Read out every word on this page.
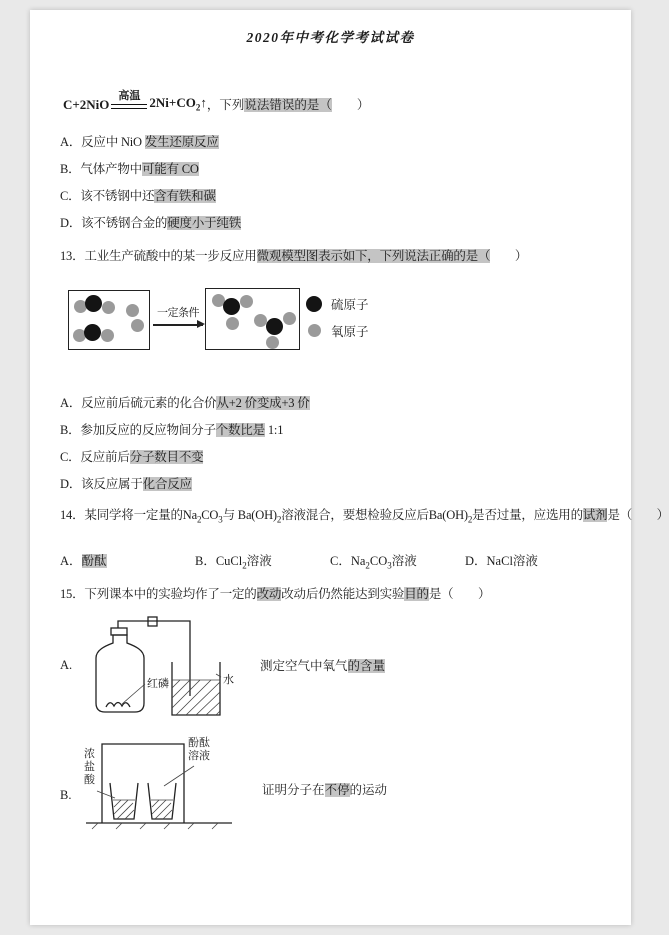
2020年中考化学考试试卷
C+2NiO
高温 $2Ni+CO_2↑$ ，下列说法错误的是（　　）
A．反应中 NiO 发生还原反应
B．气体产物中可能有 CO
C．该不锈钢中还含有铁和碳
D．该不锈钢合金的硬度小于纯铁
13．工业生产硫酸中的某一步反应用微观模型图表示如下，下列说法正确的是（　　）
一定条件
硫原子
氧原子
A．反应前后硫元素的化合价从+2 价变成+3 价
B．参加反应的反应物间分子个数比是 1:1
C．反应前后分子数目不变
D．该反应属于化合反应
14．某同学将一定量的$Na_2CO_3$与 $Ba(OH)_2$溶液混合，要想检验反应后$Ba(OH)_2$是否过量，应选用的试剂是（　　）
A．酚酞	B．CuCl$_2$溶液	C．$Na_2CO_3$溶液	D．NaCl溶液
15．下列课本中的实验均作了一定的改动改动后仍然能达到实验目的是（　　）
A.
红磷	水
测定空气中氧气的含量
B.
浓盐酸
酚酞溶液
证明分子在不停的运动
